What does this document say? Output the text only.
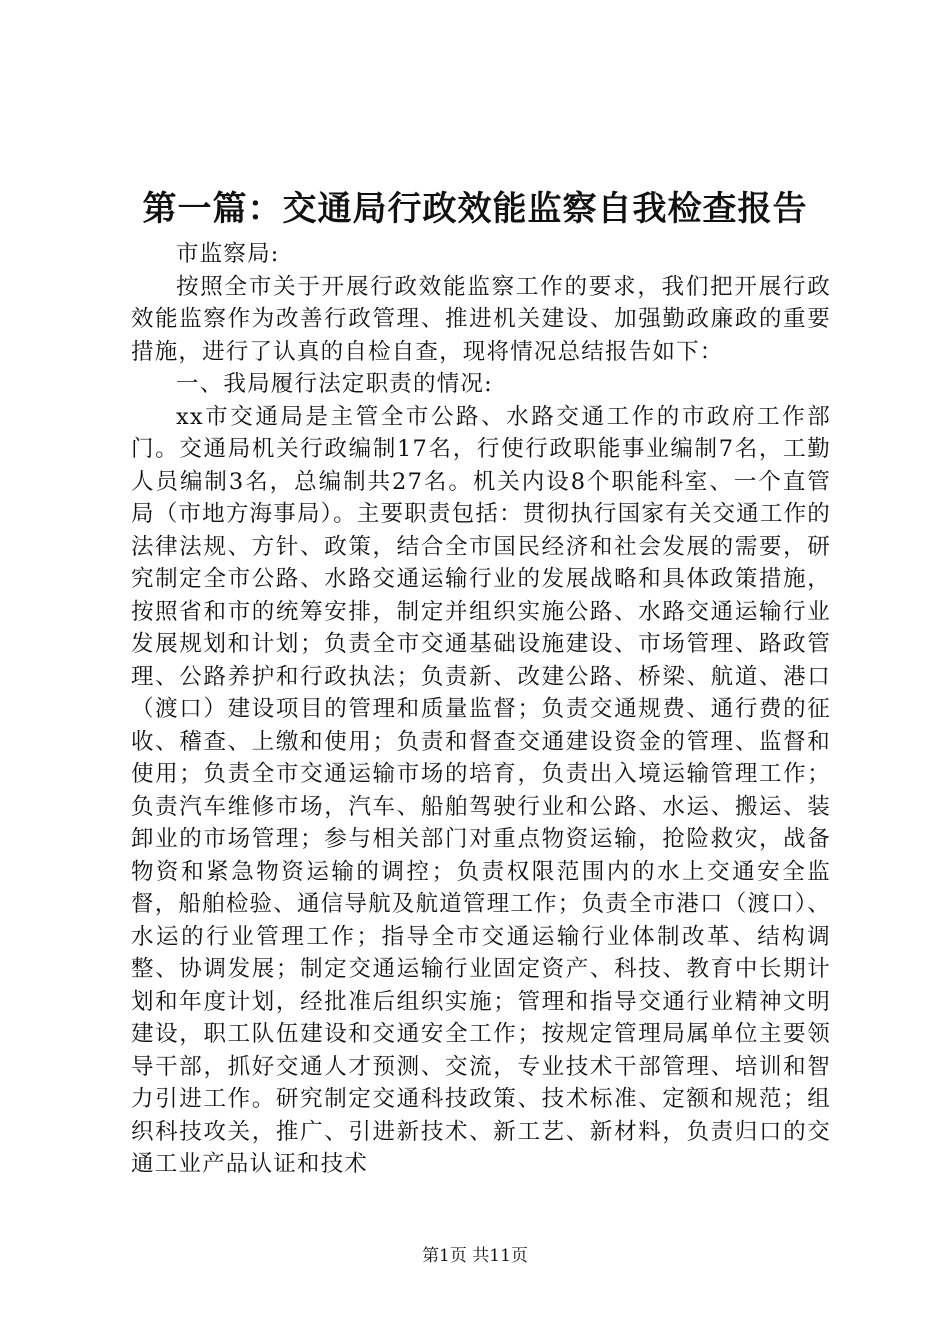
第一篇：交通局行政效能监察自我检查报告

市监察局:

按照全市关于开展行政效能监察工作的要求，我们把开展行政效能监察作为改善行政管理、推进机关建设、加强勤政廉政的重要措施，进行了认真的自检自查，现将情况总结报告如下：

一、我局履行法定职责的情况:

xx市交通局是主管全市公路、水路交通工作的市政府工作部门。交通局机关行政编制17名，行使行政职能事业编制7名，工勤人员编制3名，总编制共27名。机关内设8个职能科室、一个直管局（市地方海事局）。主要职责包括：贯彻执行国家有关交通工作的法律法规、方针、政策，结合全市国民经济和社会发展的需要，研究制定全市公路、水路交通运输行业的发展战略和具体政策措施，按照省和市的统筹安排，制定并组织实施公路、水路交通运输行业发展规划和计划；负责全市交通基础设施建设、市场管理、路政管理、公路养护和行政执法；负责新、改建公路、桥梁、航道、港口（渡口）建设项目的管理和质量监督；负责交通规费、通行费的征收、稽查、上缴和使用；负责和督查交通建设资金的管理、监督和使用；负责全市交通运输市场的培育，负责出入境运输管理工作；负责汽车维修市场，汽车、船舶驾驶行业和公路、水运、搬运、装卸业的市场管理；参与相关部门对重点物资运输，抢险救灾，战备物资和紧急物资运输的调控；负责权限范围内的水上交通安全监督，船舶检验、通信导航及航道管理工作；负责全市港口（渡口）、水运的行业管理工作；指导全市交通运输行业体制改革、结构调整、协调发展；制定交通运输行业固定资产、科技、教育中长期计划和年度计划，经批准后组织实施；管理和指导交通行业精神文明建设，职工队伍建设和交通安全工作；按规定管理局属单位主要领导干部，抓好交通人才预测、交流，专业技术干部管理、培训和智力引进工作。研究制定交通科技政策、技术标准、定额和规范；组织科技攻关，推广、引进新技术、新工艺、新材料，负责归口的交通工业产品认证和技术

第1页 共11页
